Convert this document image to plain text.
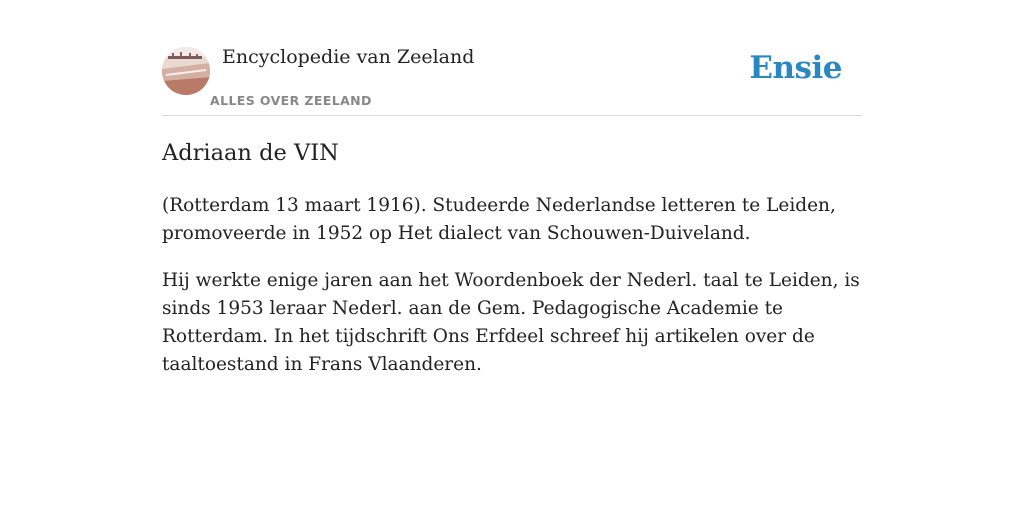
Encyclopedie van Zeeland
ALLES OVER ZEELAND
Ensie
Adriaan de VIN

(Rotterdam 13 maart 1916). Studeerde Nederlandse letteren te Leiden, promoveerde in 1952 op Het dialect van Schouwen-Duiveland.

Hij werkte enige jaren aan het Woordenboek der Nederl. taal te Leiden, is sinds 1953 leraar Nederl. aan de Gem. Pedagogische Academie te Rotterdam. In het tijdschrift Ons Erfdeel schreef hij artikelen over de taaltoestand in Frans Vlaanderen.
